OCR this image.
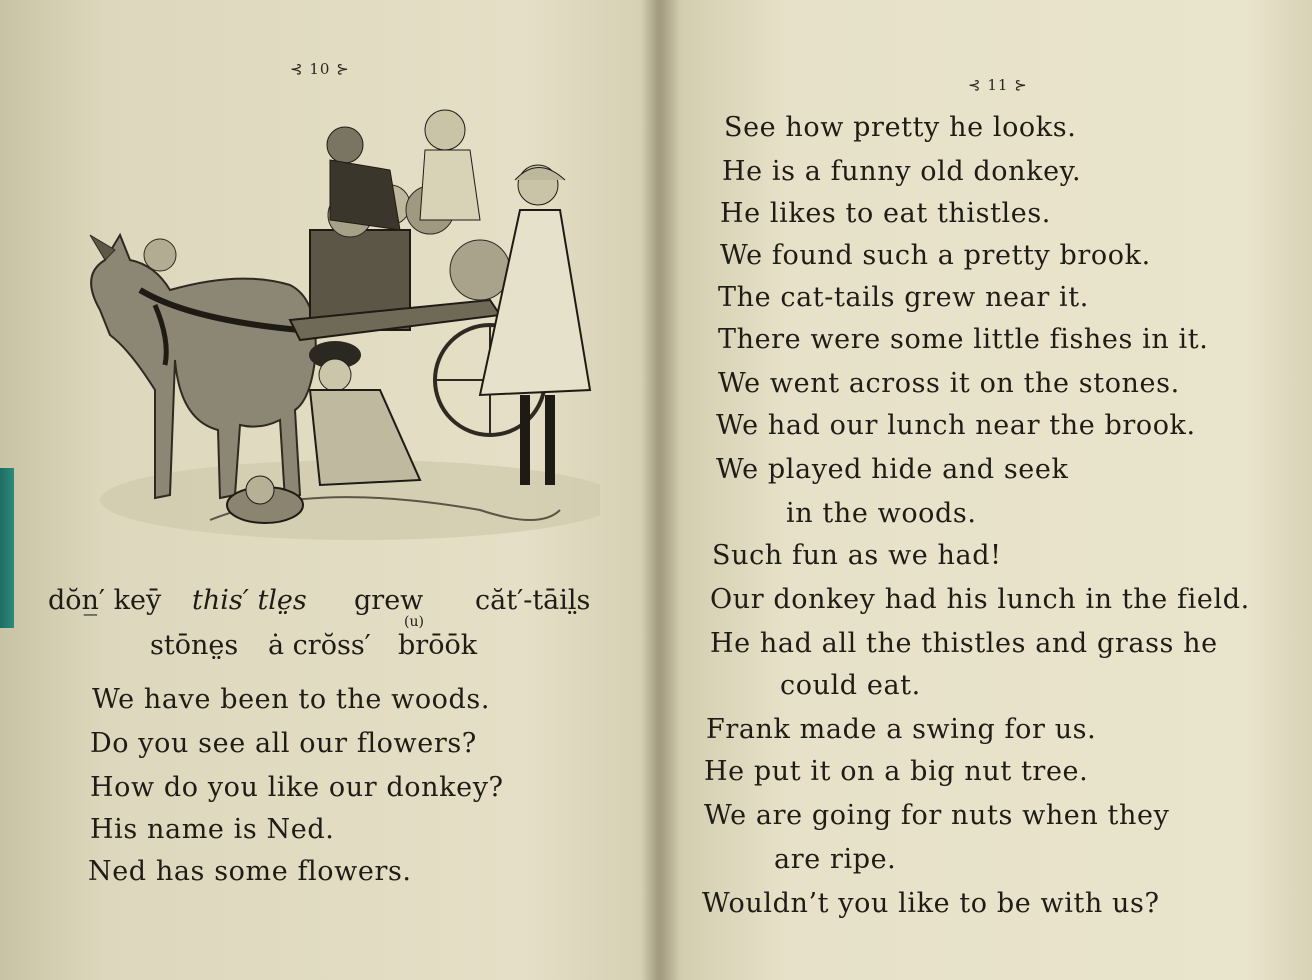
⊰ 10 ⊱
dŏn̲′ keȳ this′ tle̤s grew căt′-tāil̤s
stōne̤s ȧ crŏss′
(u)
brōōk
We have been to the woods.
Do you see all our flowers?
How do you like our donkey?
His name is Ned.
Ned has some flowers.
⊰ 11 ⊱
See how pretty he looks.
He is a funny old donkey.
He likes to eat thistles.
We found such a pretty brook.
The cat-tails grew near it.
There were some little fishes in it.
We went across it on the stones.
We had our lunch near the brook.
We played hide and seek
in the woods.
Such fun as we had!
Our donkey had his lunch in the field.
He had all the thistles and grass he
could eat.
Frank made a swing for us.
He put it on a big nut tree.
We are going for nuts when they
are ripe.
Wouldn’t you like to be with us?
